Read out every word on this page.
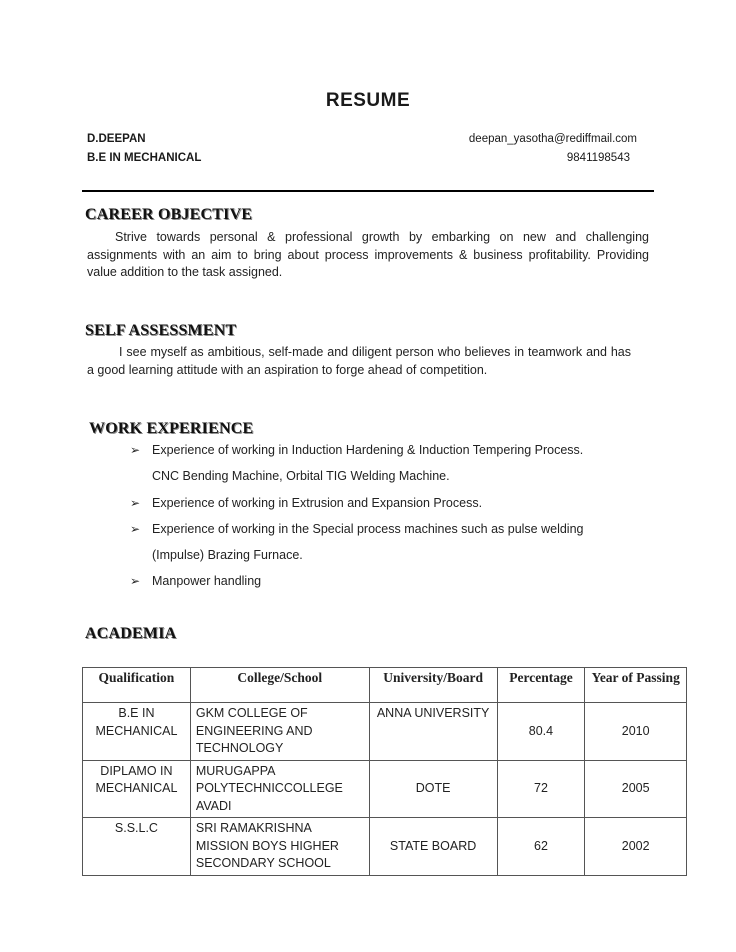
RESUME
D.DEEPAN
B.E IN MECHANICAL
deepan_yasotha@rediffmail.com
9841198543
CAREER OBJECTIVE
Strive towards personal & professional growth by embarking on new and challenging assignments with an aim to bring about process improvements & business profitability. Providing value addition to the task assigned.
SELF ASSESSMENT
I see myself as ambitious, self-made and diligent person who believes in teamwork and has a good learning attitude with an aspiration to forge ahead of competition.
WORK EXPERIENCE
➢ Experience of working in Induction Hardening & Induction Tempering Process.
CNC Bending Machine, Orbital TIG Welding Machine.
➢ Experience of working in Extrusion and Expansion Process.
➢ Experience of working in the Special process machines such as pulse welding
(Impulse) Brazing Furnace.
➢ Manpower handling
ACADEMIA
Qualification	College/School	University/Board	Percentage	Year of Passing
B.E IN MECHANICAL	GKM COLLEGE OF ENGINEERING AND TECHNOLOGY	ANNA UNIVERSITY	80.4	2010
DIPLAMO IN MECHANICAL	MURUGAPPA POLYTECHNICCOLLEGE AVADI	DOTE	72	2005
S.S.L.C	SRI RAMAKRISHNA MISSION BOYS HIGHER SECONDARY SCHOOL	STATE BOARD	62	2002
